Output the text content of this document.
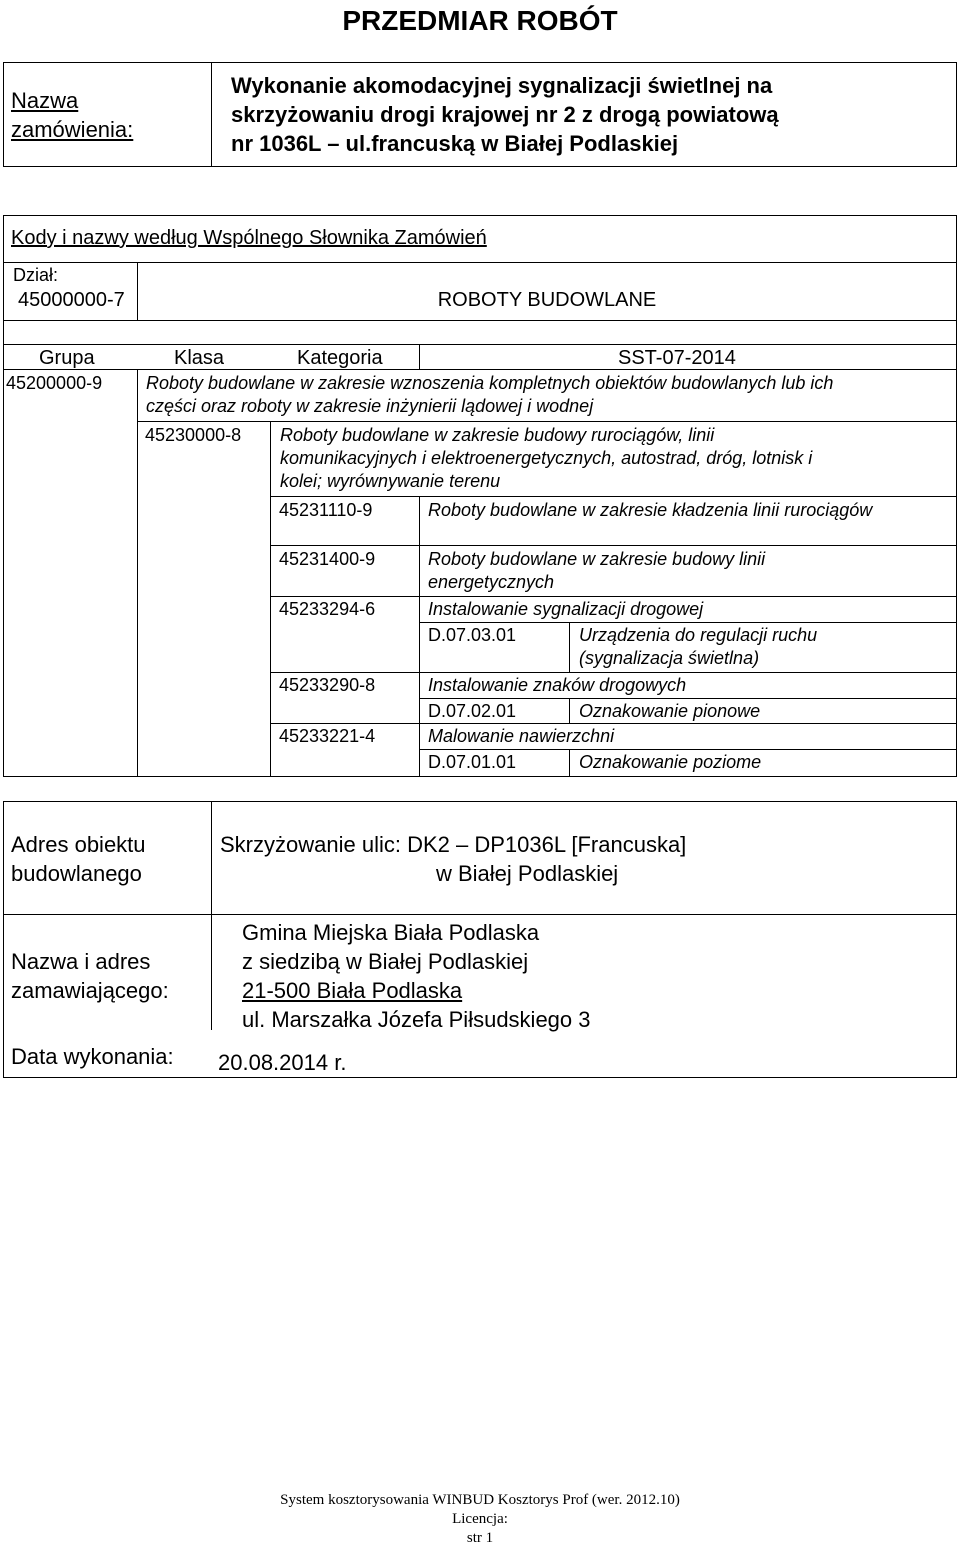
PRZEDMIAR ROBÓT
Nazwa
zamówienia:
Wykonanie akomodacyjnej sygnalizacji świetlnej na
skrzyżowaniu drogi krajowej nr 2 z drogą powiatową
nr 1036L – ul.francuską w Białej Podlaskiej
Kody i nazwy według Wspólnego Słownika Zamówień
Dział:
45000000-7	ROBOTY BUDOWLANE
Grupa	Klasa	Kategoria	SST-07-2014
45200000-9 Roboty budowlane w zakresie wznoszenia kompletnych obiektów budowlanych lub ich
części oraz roboty w zakresie inżynierii lądowej i wodnej
45230000-8 Roboty budowlane w zakresie budowy rurociągów, linii
komunikacyjnych i elektroenergetycznych, autostrad, dróg, lotnisk i
kolei; wyrównywanie terenu
45231110-9	Roboty budowlane w zakresie kładzenia linii rurociągów
45231400-9	Roboty budowlane w zakresie budowy linii
energetycznych
45233294-6	Instalowanie sygnalizacji drogowej
D.07.03.01	Urządzenia do regulacji ruchu
(sygnalizacja świetlna)
45233290-8	Instalowanie znaków drogowych
D.07.02.01	Oznakowanie pionowe
45233221-4	Malowanie nawierzchni
D.07.01.01	Oznakowanie poziome
Adres obiektu
budowlanego
Skrzyżowanie ulic: DK2 – DP1036L [Francuska]
w Białej Podlaskiej
Nazwa i adres
zamawiającego:
Gmina Miejska Biała Podlaska
z siedzibą w Białej Podlaskiej
21-500 Biała Podlaska
ul. Marszałka Józefa Piłsudskiego 3
Data wykonania: 20.08.2014 r.
System kosztorysowania WINBUD Kosztorys Prof (wer. 2012.10)
Licencja:
str 1
